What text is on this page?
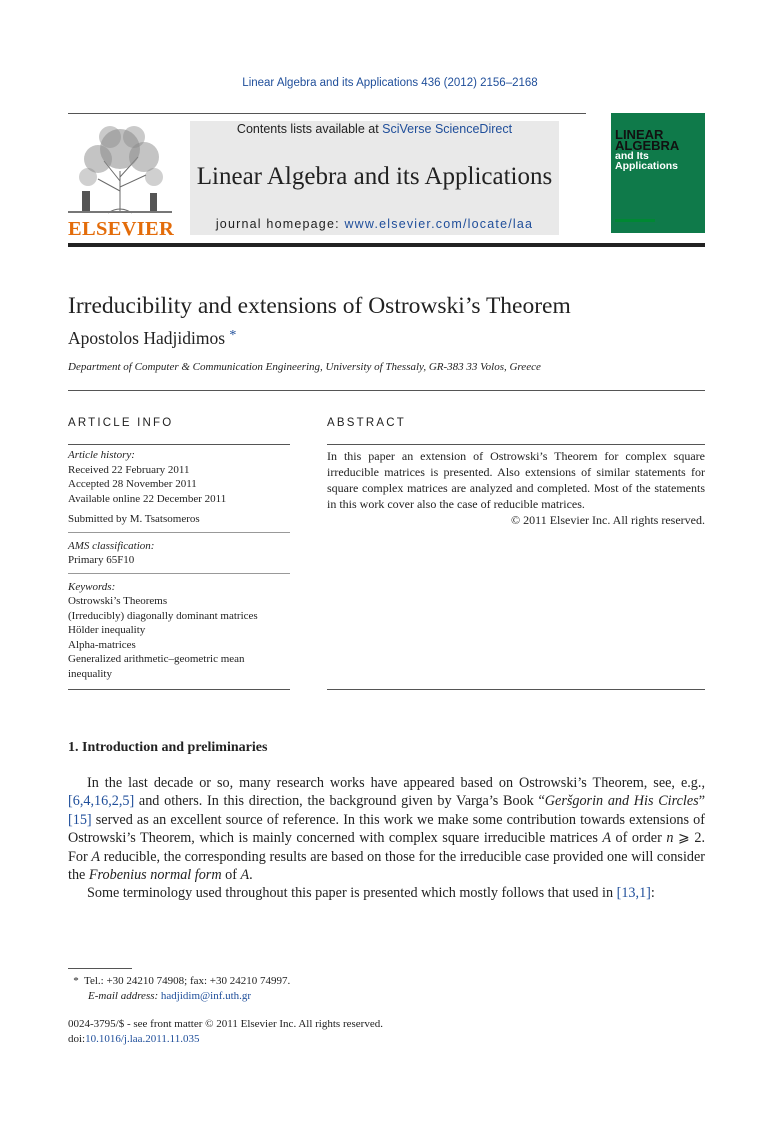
Linear Algebra and its Applications 436 (2012) 2156–2168
ELSEVIER
Contents lists available at SciVerse ScienceDirect
Linear Algebra and its Applications
journal homepage: www.elsevier.com/locate/laa
LINEAR
ALGEBRA
and Its
Applications
Irreducibility and extensions of Ostrowski’s Theorem
Apostolos Hadjidimos *
Department of Computer & Communication Engineering, University of Thessaly, GR-383 33 Volos, Greece
ARTICLE INFO	ABSTRACT
Article history:
Received 22 February 2011
Accepted 28 November 2011
Available online 22 December 2011
Submitted by M. Tsatsomeros
AMS classification:
Primary 65F10
Keywords:
Ostrowski’s Theorems
(Irreducibly) diagonally dominant matrices
Hölder inequality
Alpha-matrices
Generalized arithmetic–geometric mean
inequality
In this paper an extension of Ostrowski’s Theorem for complex square irreducible matrices is presented. Also extensions of similar statements for square complex matrices are analyzed and completed. Most of the statements in this work cover also the case of reducible matrices.
© 2011 Elsevier Inc. All rights reserved.
1. Introduction and preliminaries

In the last decade or so, many research works have appeared based on Ostrowski’s Theorem, see, e.g., [6,4,16,2,5] and others. In this direction, the background given by Varga’s Book “Geršgorin and His Circles” [15] served as an excellent source of reference. In this work we make some contribution towards extensions of Ostrowski’s Theorem, which is mainly concerned with complex square irreducible matrices A of order n ⩾ 2. For A reducible, the corresponding results are based on those for the irreducible case provided one will consider the Frobenius normal form of A.

Some terminology used throughout this paper is presented which mostly follows that used in [13,1]:

* Tel.: +30 24210 74908; fax: +30 24210 74997.
E-mail address: hadjidim@inf.uth.gr
0024-3795/$ - see front matter © 2011 Elsevier Inc. All rights reserved.
doi:10.1016/j.laa.2011.11.035
